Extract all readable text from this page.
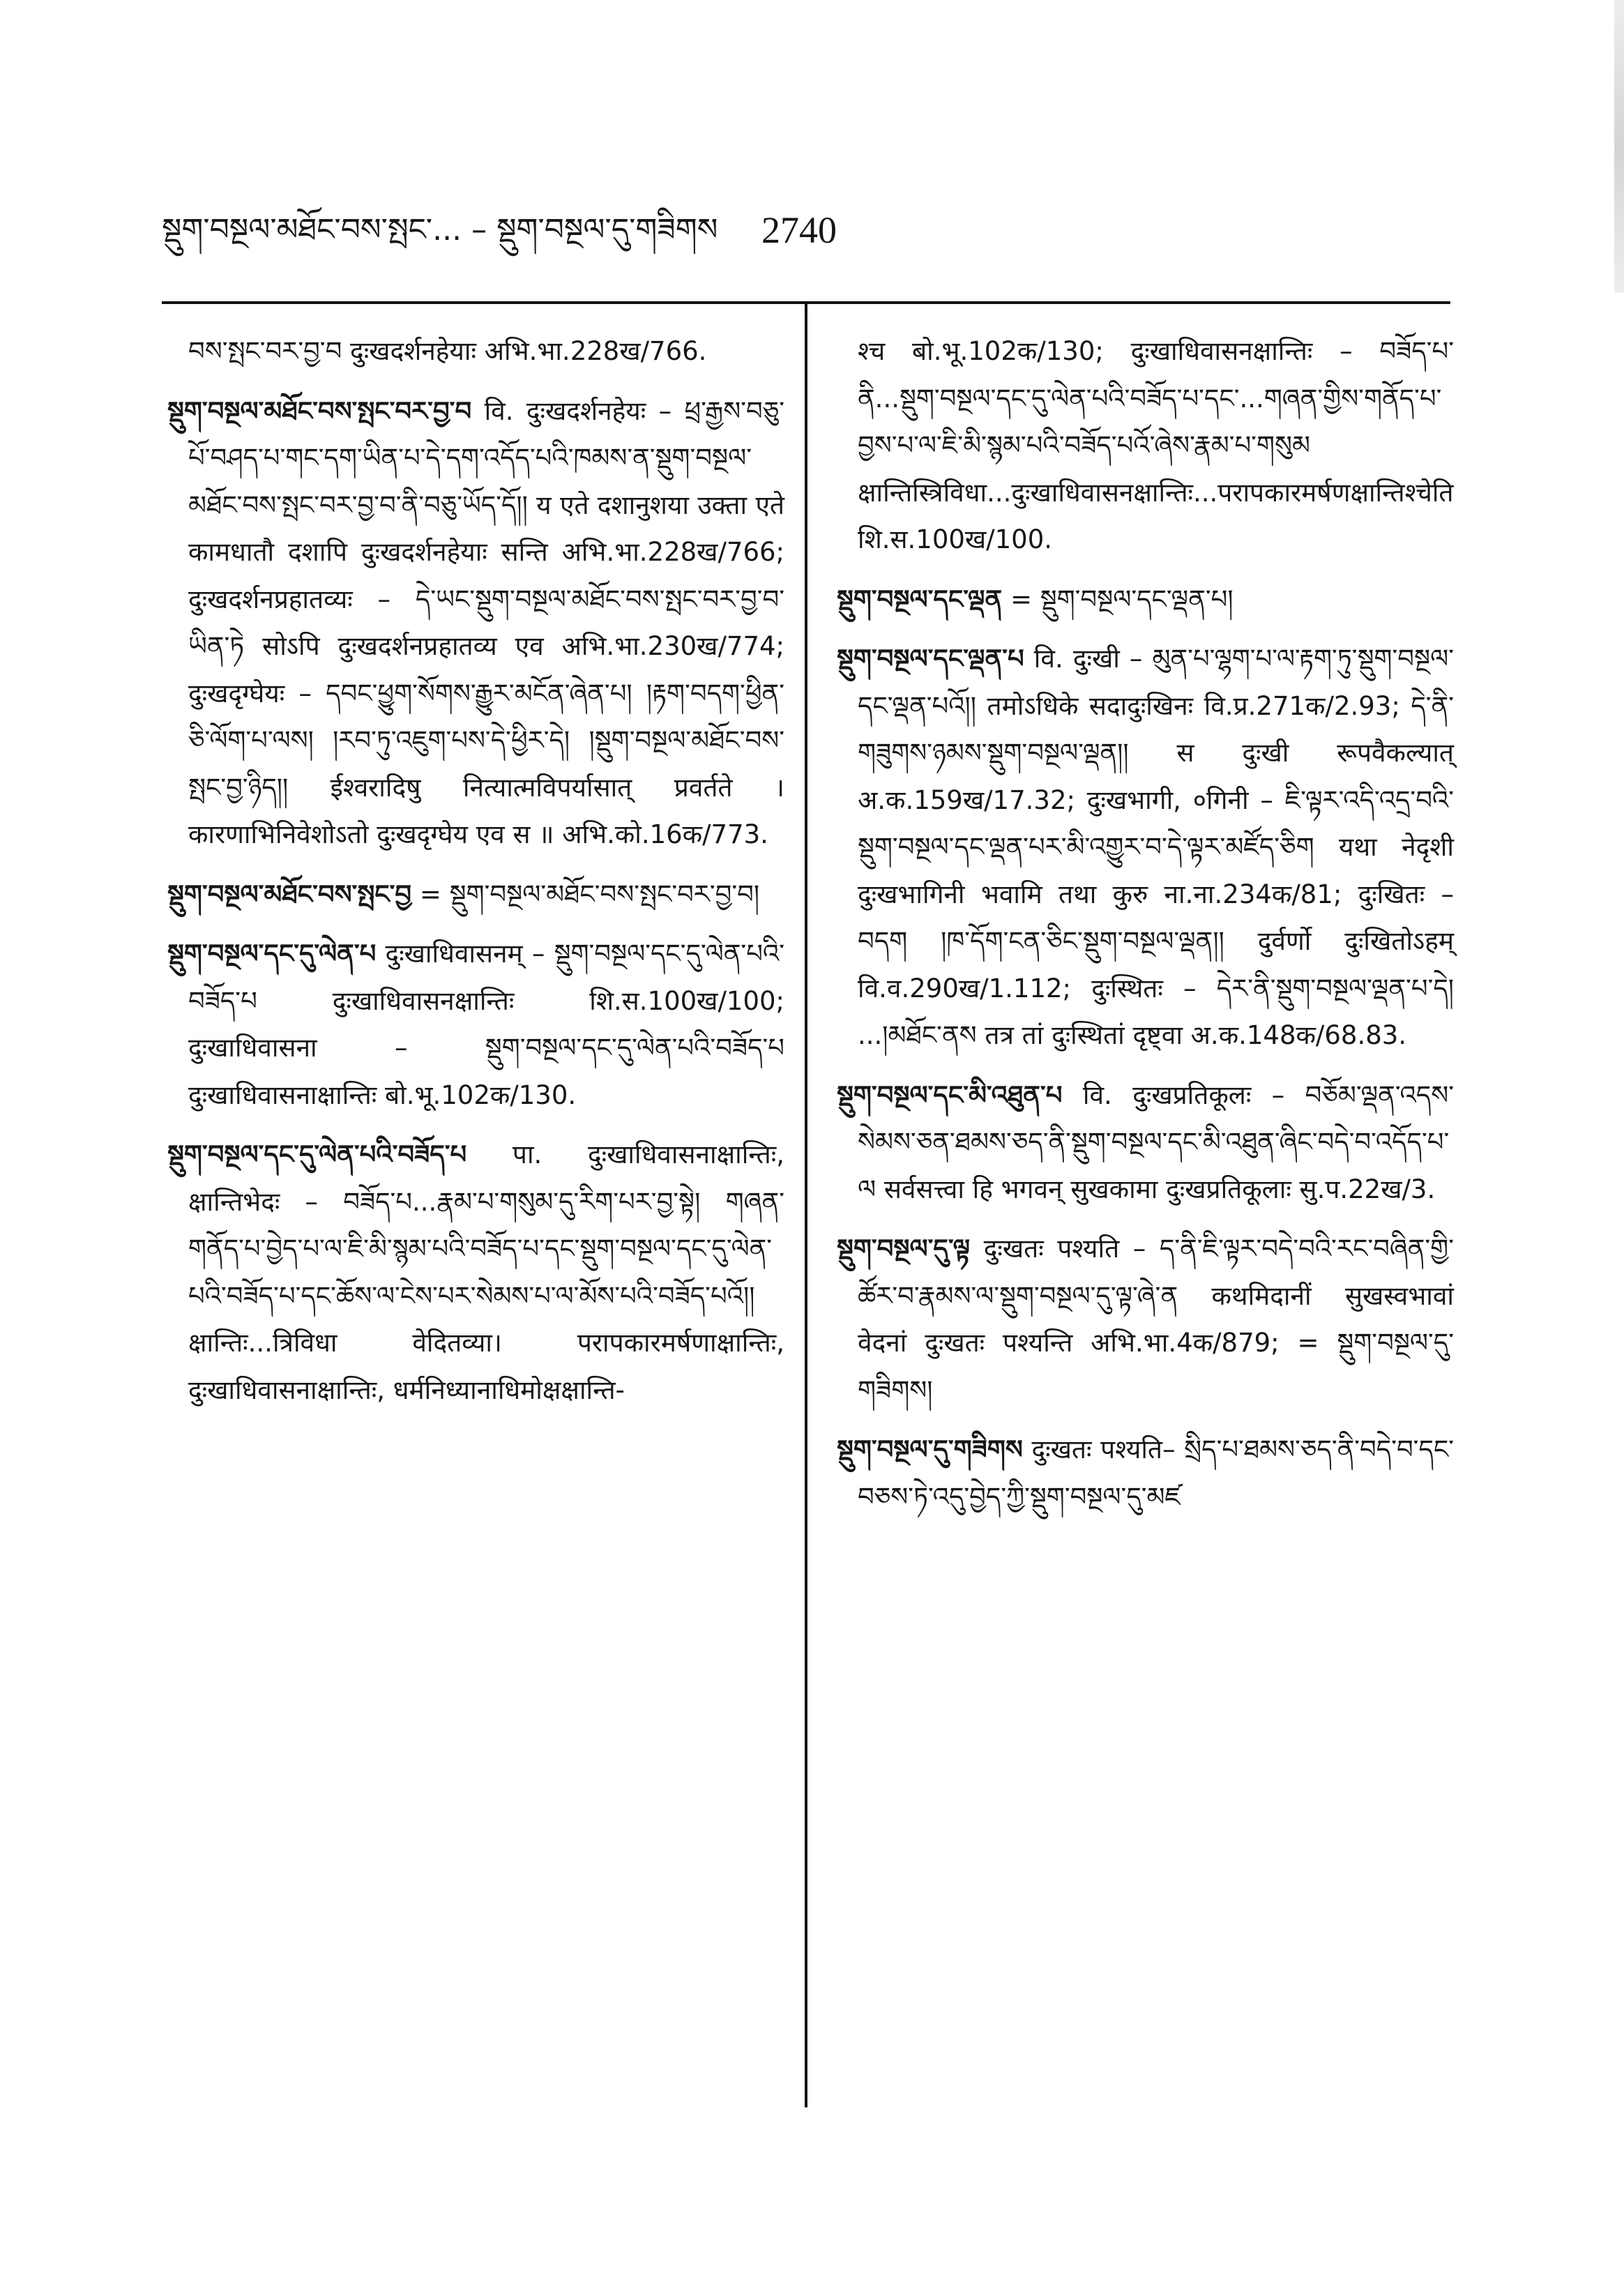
སྡུག་བསྔལ་མཐོང་བས་སྤང་... – སྡུག་བསྔལ་དུ་གཟིགས 2740

བས་སྤང་བར་བྱ་བ दुःखदर्शनहेयाः अभि.भा.228ख/766.

སྡུག་བསྔལ་མཐོང་བས་སྤང་བར་བྱ་བ वि. दुःखदर्शनहेयः – ཕྲ་རྒྱས་བཅུ་པོ་བཤད་པ་གང་དག་ཡིན་པ་དེ་དག་འདོད་པའི་ཁམས་ན་སྡུག་བསྔལ་མཐོང་བས་སྤང་བར་བྱ་བ་ནི་བཅུ་ཡོད་དོ།། य एते दशानुशया उक्ता एते कामधातौ दशापि दुःखदर्शनहेयाः सन्ति अभि.भा.228ख/766; दुःखदर्शनप्रहातव्यः – དེ་ཡང་སྡུག་བསྔལ་མཐོང་བས་སྤང་བར་བྱ་བ་ཡིན་ཏེ सोऽपि दुःखदर्शनप्रहातव्य एव अभि.भा.230ख/774; दुःखदृग्घेयः – དབང་ཕྱུག་སོགས་རྒྱུར་མངོན་ཞེན་པ། །རྟག་བདག་ཕྱིན་ཅི་ལོག་པ་ལས། །རབ་ཏུ་འཇུག་པས་དེ་ཕྱིར་དེ། །སྡུག་བསྔལ་མཐོང་བས་སྤང་བྱ་ཉིད།། ईश्वरादिषु नित्यात्मविपर्यासात् प्रवर्तते । कारणाभिनिवेशोऽतो दुःखदृग्घेय एव स ॥ अभि.को.16क/773.

སྡུག་བསྔལ་མཐོང་བས་སྤང་བྱ = སྡུག་བསྔལ་མཐོང་བས་སྤང་བར་བྱ་བ།

སྡུག་བསྔལ་དང་དུ་ལེན་པ दुःखाधिवासनम् – སྡུག་བསྔལ་དང་དུ་ལེན་པའི་བཟོད་པ दुःखाधिवासनक्षान्तिः शि.स.100ख/100; दुःखाधिवासना – སྡུག་བསྔལ་དང་དུ་ལེན་པའི་བཟོད་པ दुःखाधिवासनाक्षान्तिः बो.भू.102क/130.

སྡུག་བསྔལ་དང་དུ་ལེན་པའི་བཟོད་པ पा. दुःखाधिवासनाक्षान्तिः, क्षान्तिभेदः – བཟོད་པ...རྣམ་པ་གསུམ་དུ་རིག་པར་བྱ་སྟེ། གཞན་གནོད་པ་བྱེད་པ་ལ་ཇི་མི་སྙམ་པའི་བཟོད་པ་དང་སྡུག་བསྔལ་དང་དུ་ལེན་པའི་བཟོད་པ་དང་ཆོས་ལ་ངེས་པར་སེམས་པ་ལ་མོས་པའི་བཟོད་པའོ།། क्षान्तिः...त्रिविधा वेदितव्या। परापकारमर्षणाक्षान्तिः, दुःखाधिवासनाक्षान्तिः, धर्मनिध्यानाधिमोक्षक्षान्ति-

श्च बो.भू.102क/130; दुःखाधिवासनक्षान्तिः – བཟོད་པ་ནི...སྡུག་བསྔལ་དང་དུ་ལེན་པའི་བཟོད་པ་དང་...གཞན་གྱིས་གནོད་པ་བྱས་པ་ལ་ཇི་མི་སྙམ་པའི་བཟོད་པའོ་ཞེས་རྣམ་པ་གསུམ क्षान्तिस्त्रिविधा...दुःखाधिवासनक्षान्तिः...परापकारमर्षणक्षान्तिश्चेति शि.स.100ख/100.

སྡུག་བསྔལ་དང་ལྡན = སྡུག་བསྔལ་དང་ལྡན་པ།

སྡུག་བསྔལ་དང་ལྡན་པ वि. दुःखी – མུན་པ་ལྷག་པ་ལ་རྟག་ཏུ་སྡུག་བསྔལ་དང་ལྡན་པའོ།། तमोऽधिके सदादुःखिनः वि.प्र.271क/2.93; དེ་ནི་གཟུགས་ཉམས་སྡུག་བསྔལ་ལྡན།། स दुःखी रूपवैकल्यात् अ.क.159ख/17.32; दुःखभागी, ०गिनी – ཇི་ལྟར་འདི་འདྲ་བའི་སྡུག་བསྔལ་དང་ལྡན་པར་མི་འགྱུར་བ་དེ་ལྟར་མཛོད་ཅིག यथा नेदृशी दुःखभागिनी भवामि तथा कुरु ना.ना.234क/81; दुःखितः – བདག །ཁ་དོག་ངན་ཅིང་སྡུག་བསྔལ་ལྡན།། दुर्वर्णो दुःखितोऽहम् वि.व.290ख/1.112; दुःस्थितः – དེར་ནི་སྡུག་བསྔལ་ལྡན་པ་དེ། ...།མཐོང་ནས तत्र तां दुःस्थितां दृष्ट्वा अ.क.148क/68.83.

སྡུག་བསྔལ་དང་མི་འཐུན་པ वि. दुःखप्रतिकूलः – བཅོམ་ལྡན་འདས་སེམས་ཅན་ཐམས་ཅད་ནི་སྡུག་བསྔལ་དང་མི་འཐུན་ཞིང་བདེ་བ་འདོད་པ་ལ सर्वसत्त्वा हि भगवन् सुखकामा दुःखप्रतिकूलाः सु.प.22ख/3.

སྡུག་བསྔལ་དུ་ལྟ दुःखतः पश्यति – ད་ནི་ཇི་ལྟར་བདེ་བའི་རང་བཞིན་གྱི་ཚོར་བ་རྣམས་ལ་སྡུག་བསྔལ་དུ་ལྟ་ཞེ་ན कथमिदानीं सुखस्वभावां वेदनां दुःखतः पश्यन्ति अभि.भा.4क/879; = སྡུག་བསྔལ་དུ་གཟིགས།

སྡུག་བསྔལ་དུ་གཟིགས दुःखतः पश्यति– སྲིད་པ་ཐམས་ཅད་ནི་བདེ་བ་དང་བཅས་ཏེ་འདུ་བྱེད་ཀྱི་སྡུག་བསྔལ་དུ་མཛ
